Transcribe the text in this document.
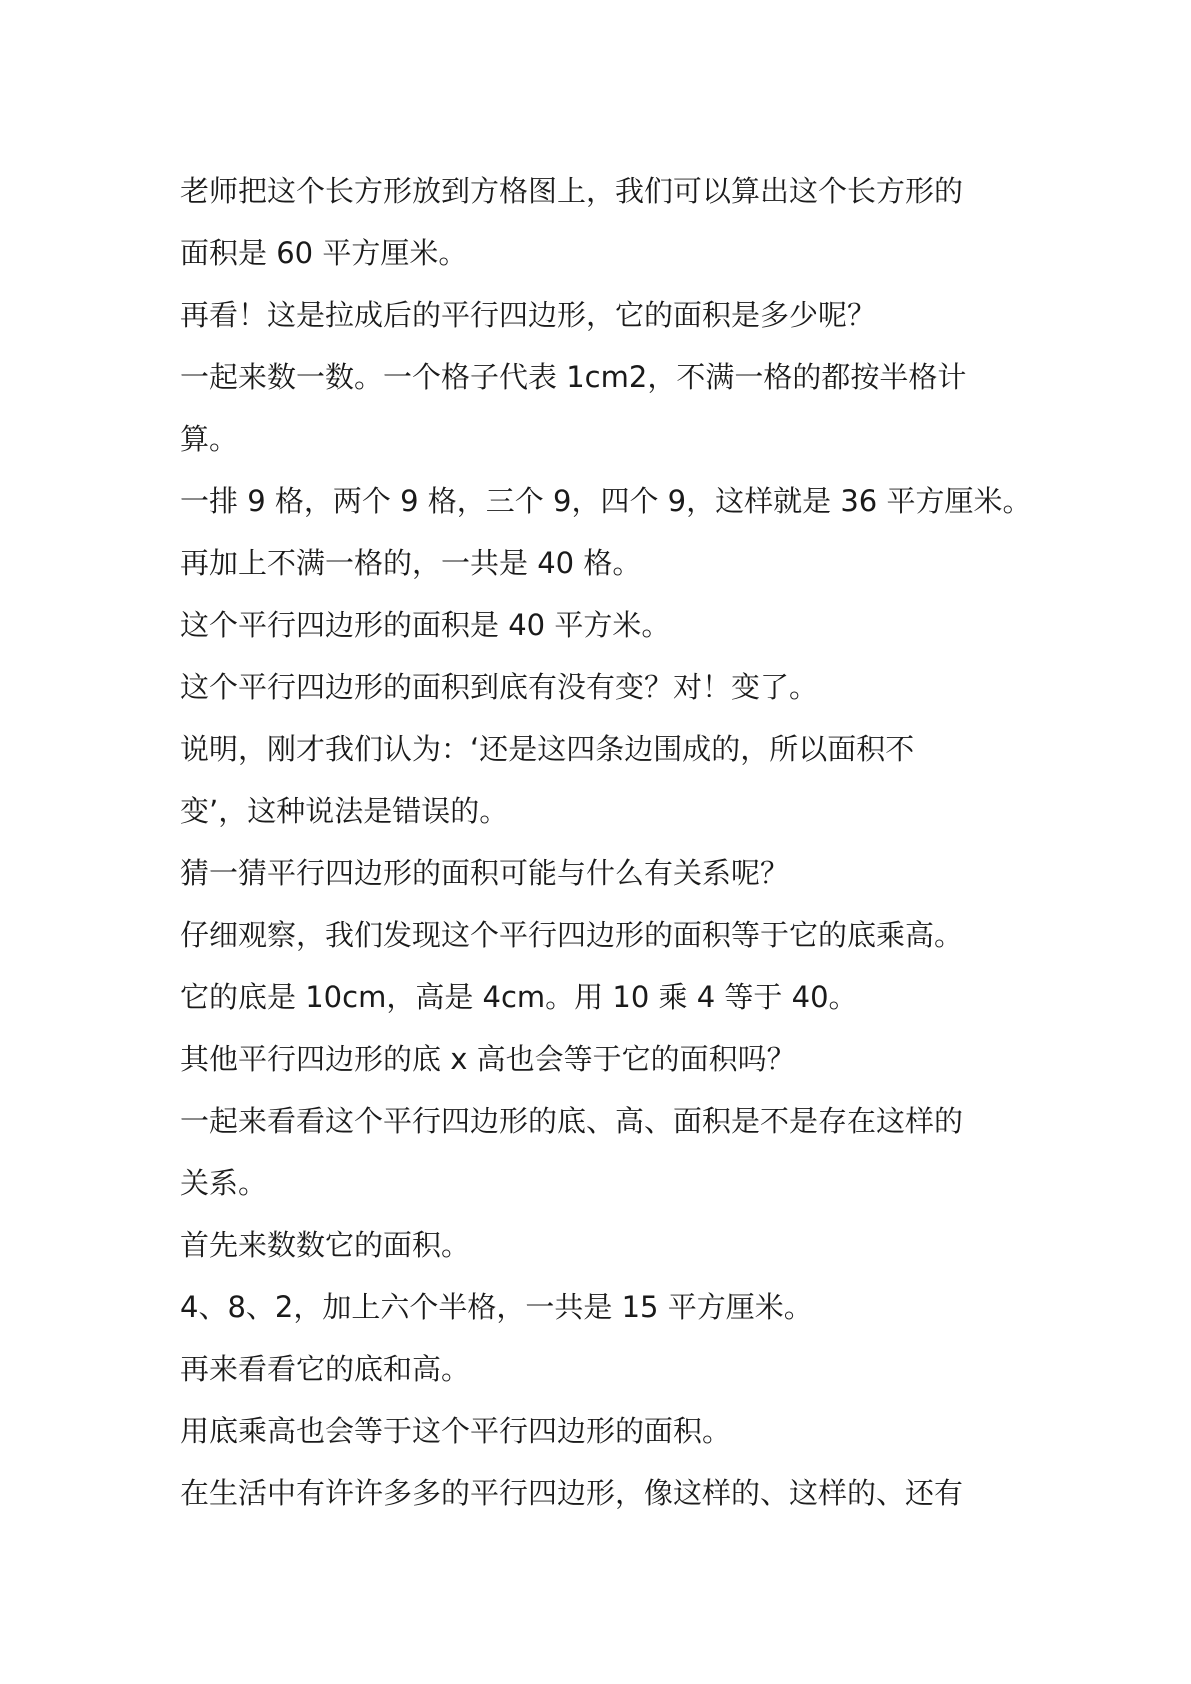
老师把这个长方形放到方格图上，我们可以算出这个长方形的
面积是 60 平方厘米。
再看！这是拉成后的平行四边形，它的面积是多少呢？
一起来数一数。一个格子代表 1cm2，不满一格的都按半格计
算。
一排 9 格，两个 9 格，三个 9，四个 9，这样就是 36 平方厘米。
再加上不满一格的，一共是 40 格。
这个平行四边形的面积是 40 平方米。
这个平行四边形的面积到底有没有变？对！变了。
说明，刚才我们认为：‘还是这四条边围成的，所以面积不
变’，这种说法是错误的。
猜一猜平行四边形的面积可能与什么有关系呢？
仔细观察，我们发现这个平行四边形的面积等于它的底乘高。
它的底是 10cm，高是 4cm。用 10 乘 4 等于 40。
其他平行四边形的底 x 高也会等于它的面积吗？
一起来看看这个平行四边形的底、高、面积是不是存在这样的
关系。
首先来数数它的面积。
4、8、2，加上六个半格，一共是 15 平方厘米。
再来看看它的底和高。
用底乘高也会等于这个平行四边形的面积。
在生活中有许许多多的平行四边形，像这样的、这样的、还有
